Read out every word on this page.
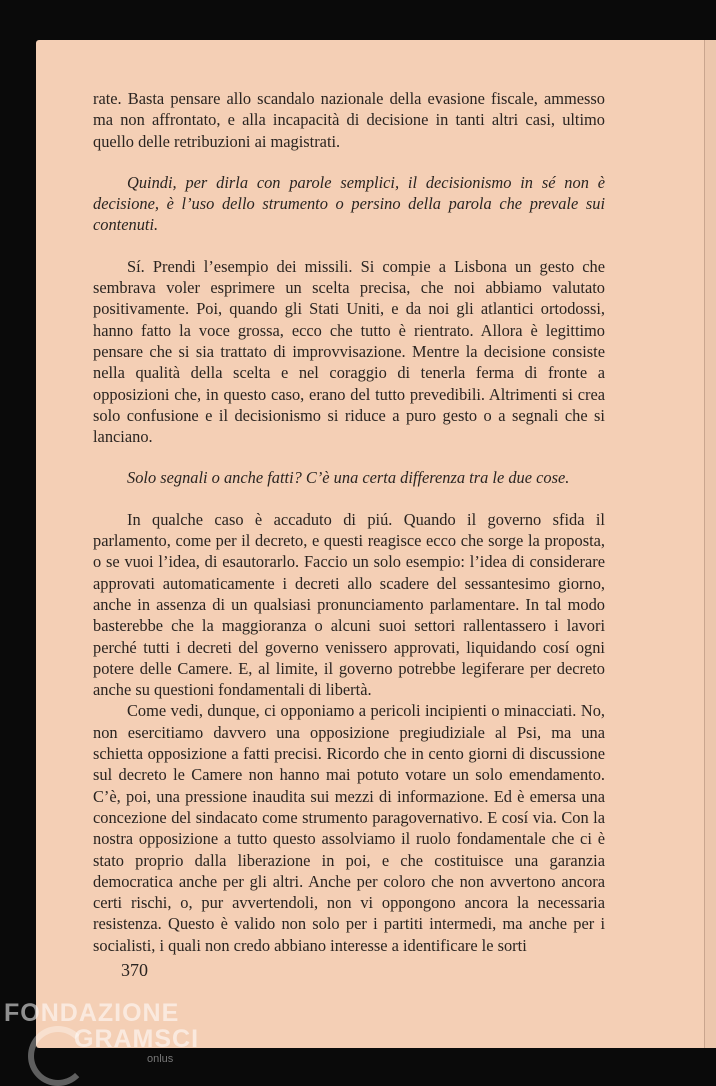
rate. Basta pensare allo scandalo nazionale della evasione fiscale, ammesso ma non affrontato, e alla incapacità di decisione in tanti altri casi, ultimo quello delle retribuzioni ai magistrati.

Quindi, per dirla con parole semplici, il decisionismo in sé non è decisione, è l’uso dello strumento o persino della parola che prevale sui contenuti.

Sí. Prendi l’esempio dei missili. Si compie a Lisbona un gesto che sembrava voler esprimere un scelta precisa, che noi abbiamo valutato positivamente. Poi, quando gli Stati Uniti, e da noi gli atlantici ortodossi, hanno fatto la voce grossa, ecco che tutto è rientrato. Allora è legittimo pensare che si sia trattato di improvvisazione. Mentre la decisione consiste nella qualità della scelta e nel coraggio di tenerla ferma di fronte a opposizioni che, in questo caso, erano del tutto prevedibili. Altrimenti si crea solo confusione e il decisionismo si riduce a puro gesto o a segnali che si lanciano.

Solo segnali o anche fatti? C’è una certa differenza tra le due cose.

In qualche caso è accaduto di piú. Quando il governo sfida il parlamento, come per il decreto, e questi reagisce ecco che sorge la proposta, o se vuoi l’idea, di esautorarlo. Faccio un solo esempio: l’idea di considerare approvati automaticamente i decreti allo scadere del sessantesimo giorno, anche in assenza di un qualsiasi pronunciamento parlamentare. In tal modo basterebbe che la maggioranza o alcuni suoi settori rallentassero i lavori perché tutti i decreti del governo venissero approvati, liquidando cosí ogni potere delle Camere. E, al limite, il governo potrebbe legiferare per decreto anche su questioni fondamentali di libertà.

Come vedi, dunque, ci opponiamo a pericoli incipienti o minacciati. No, non esercitiamo davvero una opposizione pregiudiziale al Psi, ma una schietta opposizione a fatti precisi. Ricordo che in cento giorni di discussione sul decreto le Camere non hanno mai potuto votare un solo emendamento. C’è, poi, una pressione inaudita sui mezzi di informazione. Ed è emersa una concezione del sindacato come strumento paragovernativo. E cosí via. Con la nostra opposizione a tutto questo assolviamo il ruolo fondamentale che ci è stato proprio dalla liberazione in poi, e che costituisce una garanzia democratica anche per gli altri. Anche per coloro che non avvertono ancora certi rischi, o, pur avvertendoli, non vi oppongono ancora la necessaria resistenza. Questo è valido non solo per i partiti intermedi, ma anche per i socialisti, i quali non credo abbiano interesse a identificare le sorti

370
FONDAZIONE
GRAMSCI
onlus
